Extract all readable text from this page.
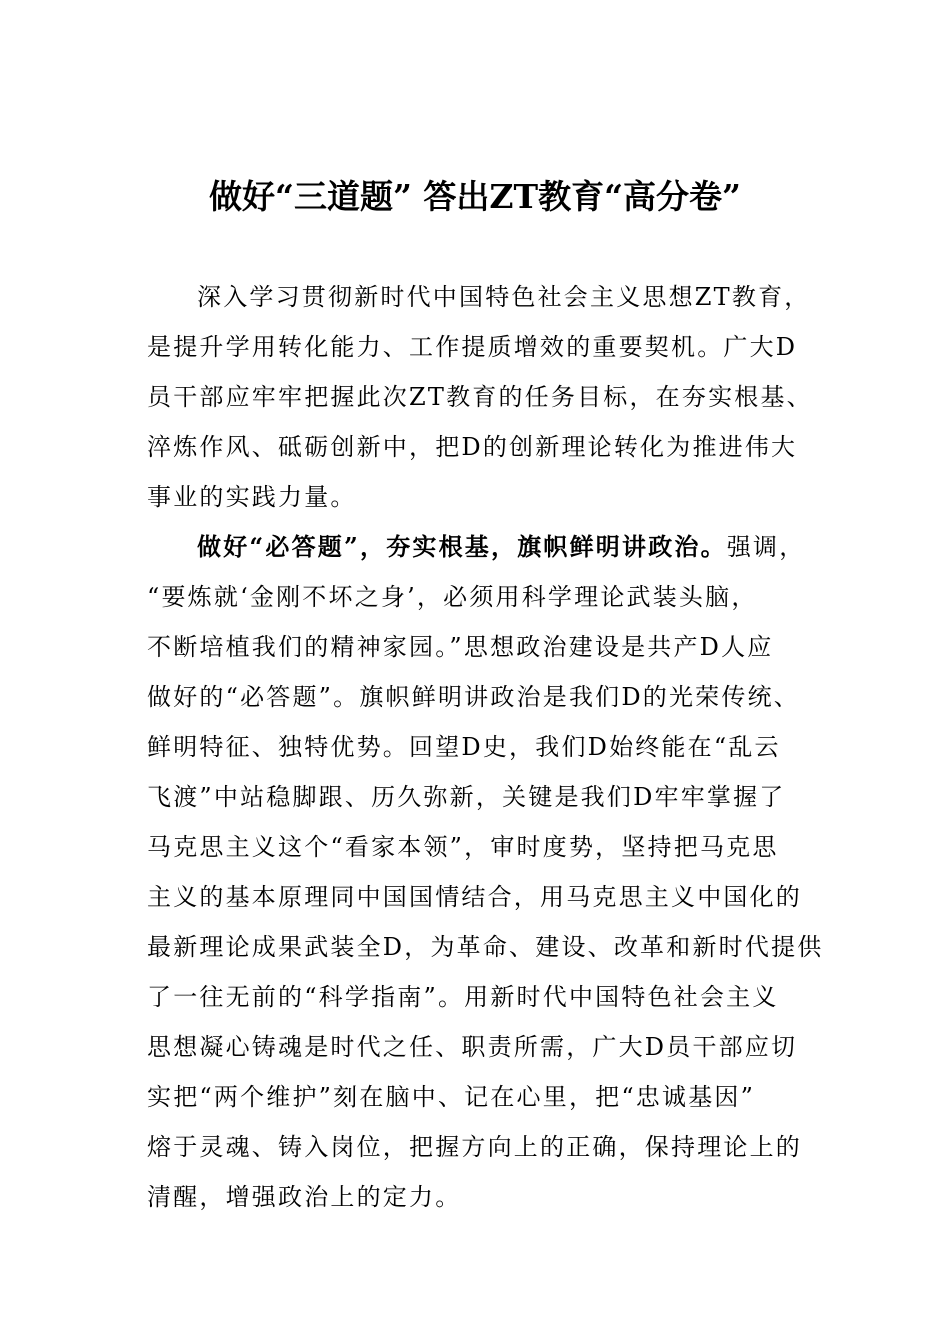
做好“三道题” 答出ZT教育“高分卷”
深入学习贯彻新时代中国特色社会主义思想ZT教育，
是提升学用转化能力、工作提质增效的重要契机。广大D
员干部应牢牢把握此次ZT教育的任务目标，在夯实根基、
淬炼作风、砥砺创新中，把D的创新理论转化为推进伟大
事业的实践力量。
做好“必答题”，夯实根基，旗帜鲜明讲政治。强调，
“要炼就‘金刚不坏之身’，必须用科学理论武装头脑，
不断培植我们的精神家园。”思想政治建设是共产D人应
做好的“必答题”。旗帜鲜明讲政治是我们D的光荣传统、
鲜明特征、独特优势。回望D史，我们D始终能在“乱云
飞渡”中站稳脚跟、历久弥新，关键是我们D牢牢掌握了
马克思主义这个“看家本领”，审时度势，坚持把马克思
主义的基本原理同中国国情结合，用马克思主义中国化的
最新理论成果武装全D，为革命、建设、改革和新时代提供
了一往无前的“科学指南”。用新时代中国特色社会主义
思想凝心铸魂是时代之任、职责所需，广大D员干部应切
实把“两个维护”刻在脑中、记在心里，把“忠诚基因”
熔于灵魂、铸入岗位，把握方向上的正确，保持理论上的
清醒，增强政治上的定力。
